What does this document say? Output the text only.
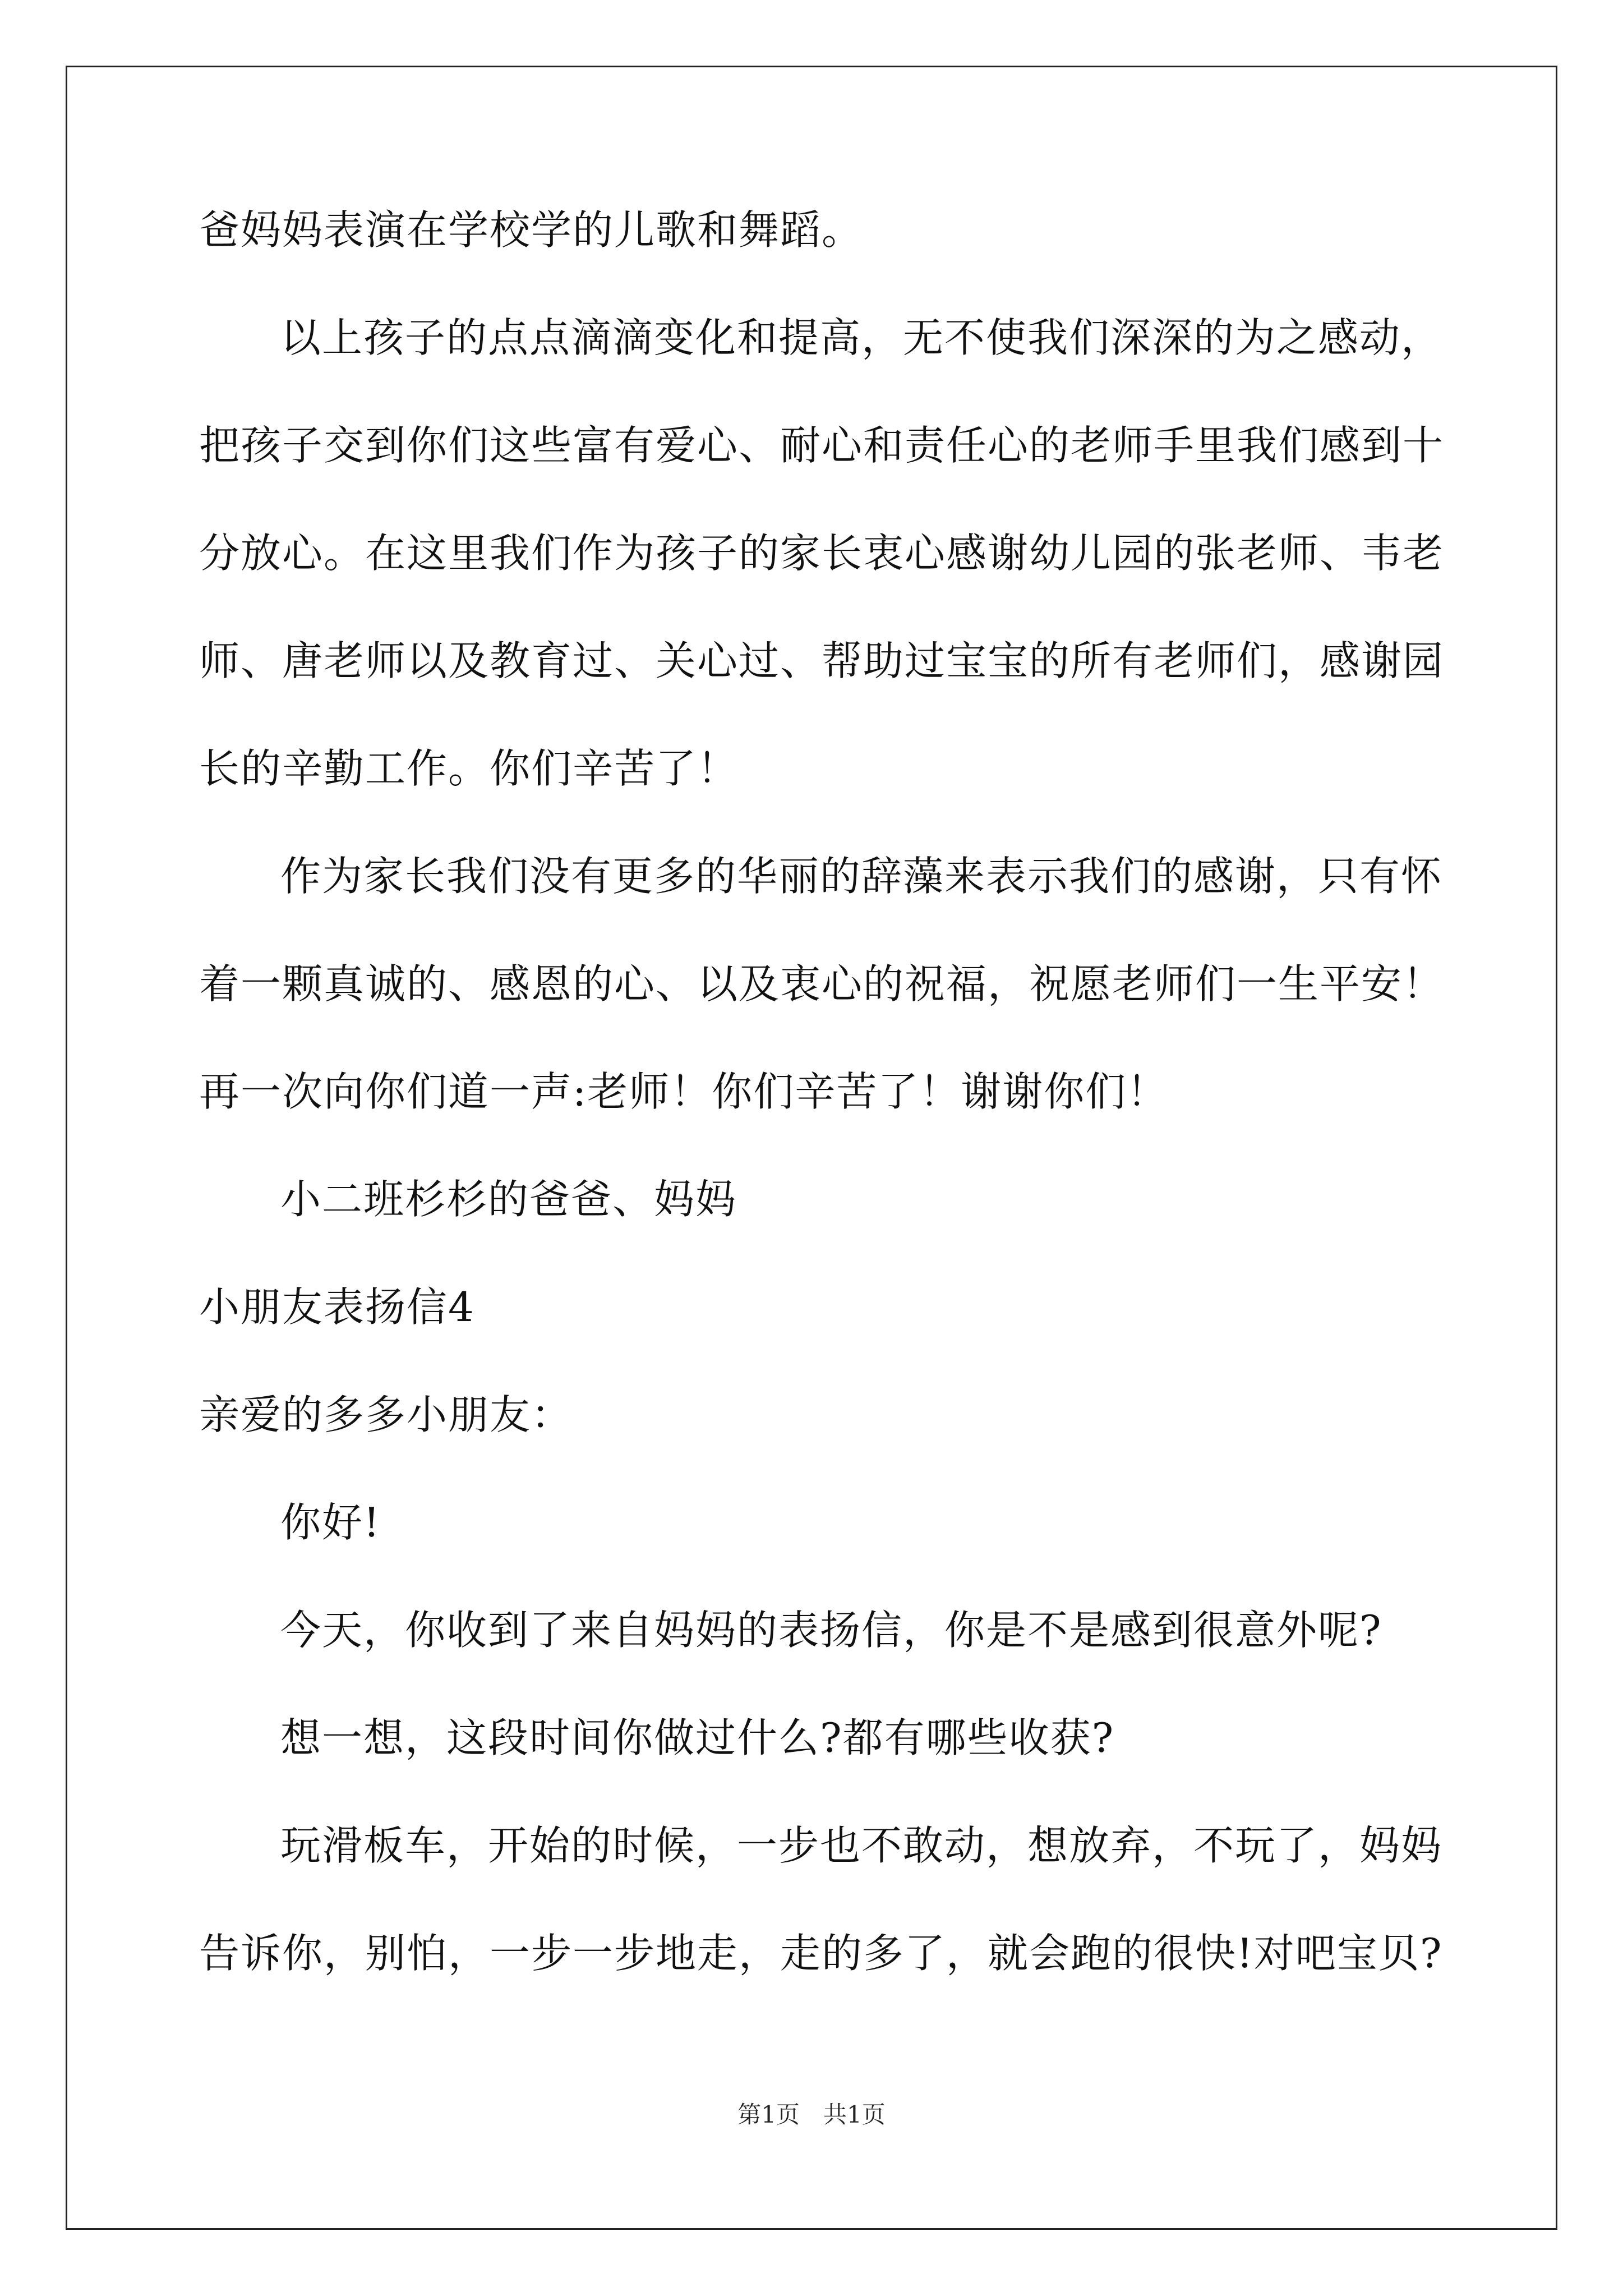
爸妈妈表演在学校学的儿歌和舞蹈。

以上孩子的点点滴滴变化和提高，无不使我们深深的为之感动，

把孩子交到你们这些富有爱心、耐心和责任心的老师手里我们感到十

分放心。在这里我们作为孩子的家长衷心感谢幼儿园的张老师、韦老

师、唐老师以及教育过、关心过、帮助过宝宝的所有老师们，感谢园

长的辛勤工作。你们辛苦了！

作为家长我们没有更多的华丽的辞藻来表示我们的感谢，只有怀

着一颗真诚的、感恩的心、以及衷心的祝福，祝愿老师们一生平安！

再一次向你们道一声:老师！你们辛苦了！谢谢你们！

小二班杉杉的爸爸、妈妈

小朋友表扬信4

亲爱的多多小朋友：

你好!

今天，你收到了来自妈妈的表扬信，你是不是感到很意外呢?

想一想，这段时间你做过什么?都有哪些收获?

玩滑板车，开始的时候，一步也不敢动，想放弃，不玩了，妈妈

告诉你，别怕，一步一步地走，走的多了，就会跑的很快!对吧宝贝?

第1页　共1页
